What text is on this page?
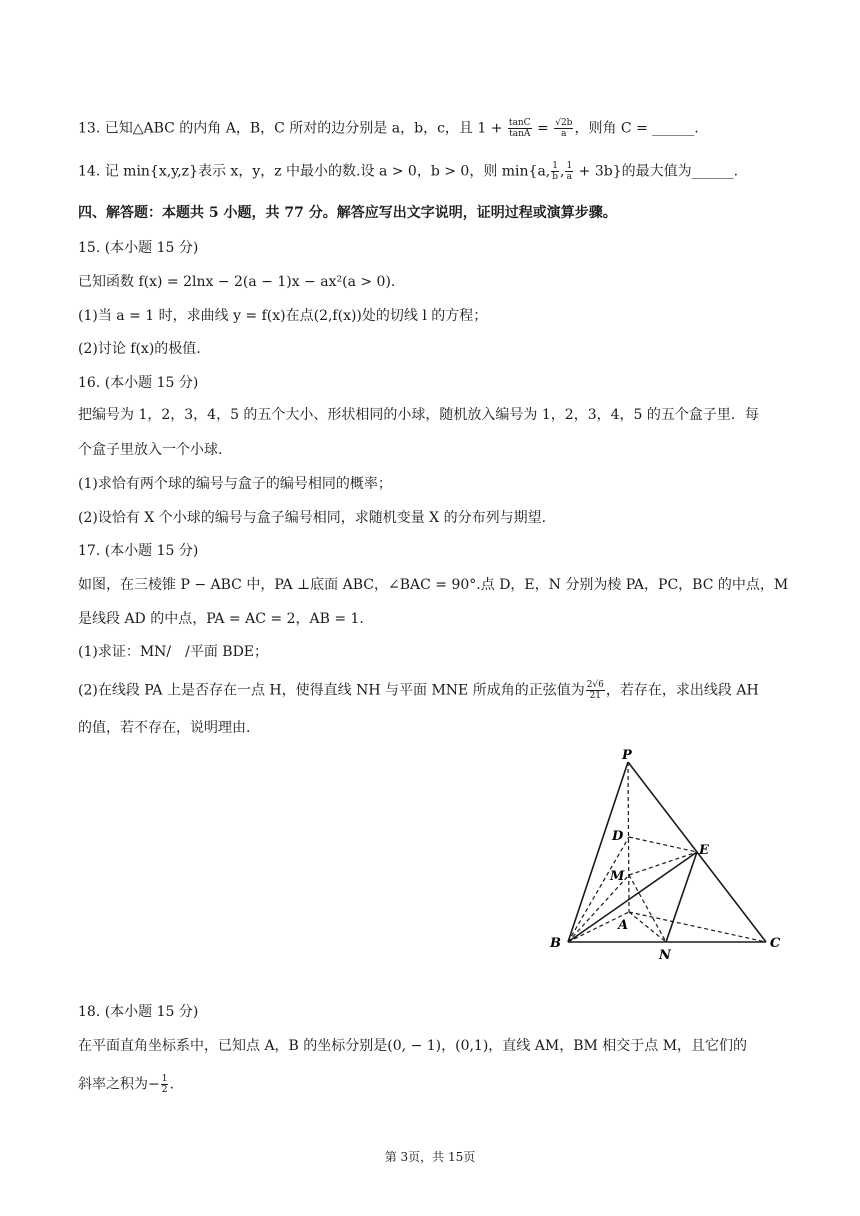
13. 已知△ABC 的内角 A，B，C 所对的边分别是 a，b，c，且 $1 + \frac{\tan C}{\tan A} = \frac{√2b}{a}$ ，则角 C = ______.
14. 记 min{x,y,z}表示 x，y，z 中最小的数.设 a > 0，b > 0，则 min{a, $\frac{1}{b}$ , $\frac{1}{a} + 3b$}的最大值为______.
四、解答题：本题共 5 小题，共 77 分。解答应写出文字说明，证明过程或演算步骤。
15. (本小题 15 分)
已知函数 f(x) = 2lnx − 2(a − 1)x − ax²(a > 0).
(1)当 a = 1 时，求曲线 y = f(x)在点(2,f(x))处的切线 l 的方程；
(2)讨论 f(x)的极值.
16. (本小题 15 分)
把编号为 1，2，3，4，5 的五个大小、形状相同的小球，随机放入编号为 1，2，3，4，5 的五个盒子里．每
个盒子里放入一个小球.
(1)求恰有两个球的编号与盒子的编号相同的概率；
(2)设恰有 X 个小球的编号与盒子编号相同，求随机变量 X 的分布列与期望.
17. (本小题 15 分)
如图，在三棱锥 P − ABC 中，PA ⊥底面 ABC，∠BAC = 90°.点 D，E，N 分别为棱 PA，PC，BC 的中点，M
是线段 AD 的中点，PA = AC = 2，AB = 1.
(1)求证：MN/　/平面 BDE；
(2)在线段 PA 上是否存在一点 H，使得直线 NH 与平面 MNE 所成角的正弦值为 $\frac{2√6}{21}$ ，若存在，求出线段 AH
的值，若不存在，说明理由.
P
D
E
M
A
B
N
C
18. (本小题 15 分)
在平面直角坐标系中，已知点 A，B 的坐标分别是(0, − 1)，(0,1)，直线 AM，BM 相交于点 M，且它们的
斜率之积为− $\frac{1}{2}$ .
第 3页，共 15页
